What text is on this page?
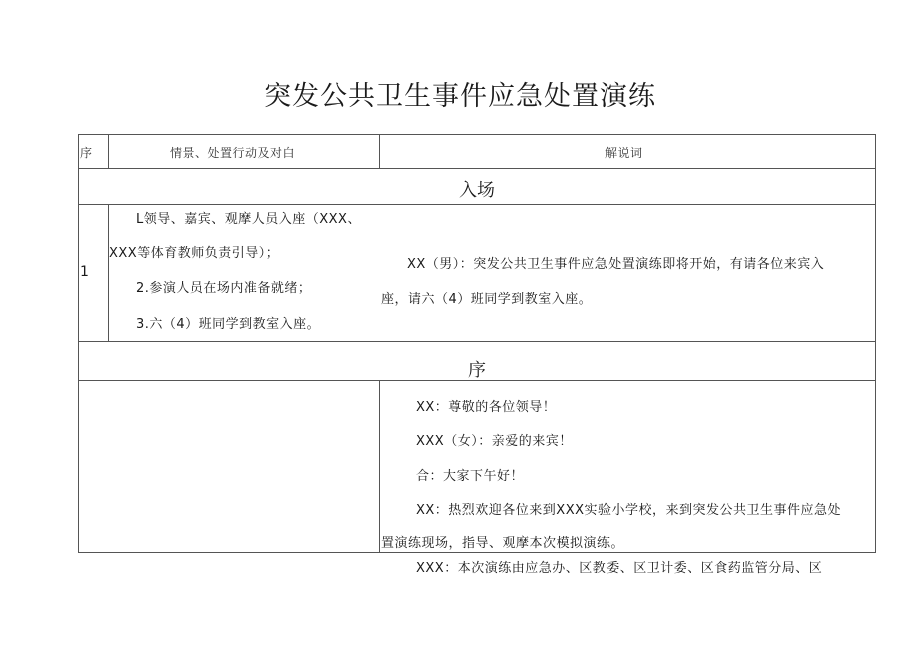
突发公共卫生事件应急处置演练
序	情景、处置行动及对白	解说词
入场
1
L领导、嘉宾、观摩人员入座（XXX、
XXX等体育教师负责引导）；
2.参演人员在场内准备就绪；
3.六（4）班同学到教室入座。
XX（男）：突发公共卫生事件应急处置演练即将开始，有请各位来宾入
座，请六（4）班同学到教室入座。
序
XX：尊敬的各位领导！
XXX（女）：亲爱的来宾！
合：大家下午好！
XX：热烈欢迎各位来到XXX实验小学校，来到突发公共卫生事件应急处
置演练现场，指导、观摩本次模拟演练。
XXX：本次演练由应急办、区教委、区卫计委、区食药监管分局、区
